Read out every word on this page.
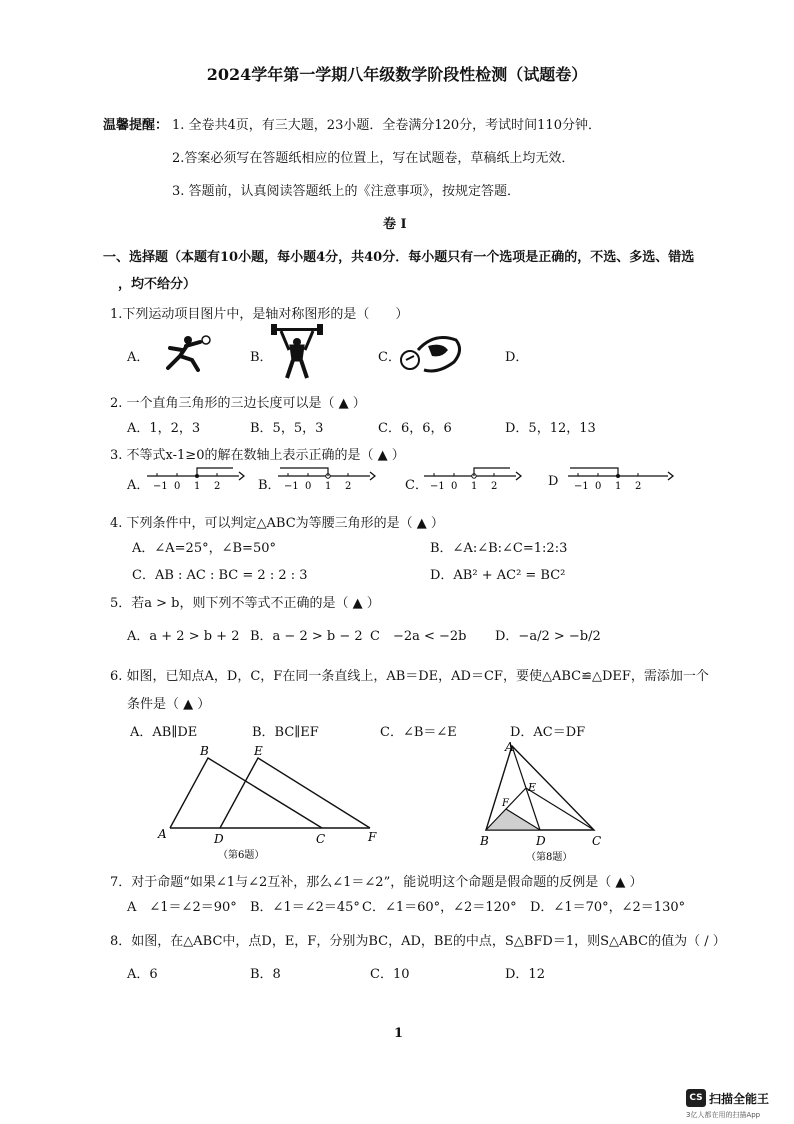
2024学年第一学期八年级数学阶段性检测（试题卷）
温馨提醒： 1. 全卷共4页，有三大题，23小题．全卷满分120分，考试时间110分钟．
2.答案必须写在答题纸相应的位置上，写在试题卷，草稿纸上均无效．
3. 答题前，认真阅读答题纸上的《注意事项》，按规定答题．
卷 I
一、选择题（本题有10小题，每小题4分，共40分．每小题只有一个选项是正确的，不选、多选、错选
，均不给分）
1.下列运动项目图片中，是轴对称图形的是（　　）
A．	B．	C．	D．
2. 一个直角三角形的三边长度可以是（ ▲ ）
A．1，2，3	B．5，5，3	C．6，6，6	D．5，12，13
3. 不等式x-1≥0的解在数轴上表示正确的是（ ▲ ）
A．	B．	C．	D
−1 0 1 2	−1 0 1 2	−1 0 1 2	−1 0 1 2
4. 下列条件中，可以判定△ABC为等腰三角形的是（ ▲ ）
A．∠A=25°，∠B=50°	B．∠A:∠B:∠C=1:2:3
C．AB : AC : BC = 2 : 2 : 3	D．AB² + AC² = BC²
5．若a > b，则下列不等式不正确的是（ ▲ ）
A．a + 2 > b + 2 B．a − 2 > b − 2 C　−2a < −2b D．−a/2 > −b/2
6. 如图，已知点A，D，C，F在同一条直线上，AB＝DE，AD＝CF，要使△ABC≌△DEF，需添加一个
条件是（ ▲ ）
A．AB∥DE	B．BC∥EF	C．∠B＝∠E	D．AC＝DF
A
B
D
E
C	F
（第6题）
A
E
F
B	D	C
（第8题）
7．对于命题“如果∠1与∠2互补，那么∠1＝∠2”，能说明这个命题是假命题的反例是（ ▲ ）
A　∠1＝∠2＝90° B．∠1＝∠2＝45° C．∠1＝60°，∠2＝120° D．∠1＝70°，∠2＝130°
8．如图，在△ABC中，点D，E，F，分别为BC，AD，BE的中点，S△BFD＝1，则S△ABC的值为（ / ）
A．6	B．8	C．10	D．12
1
CS 扫描全能王
3亿人都在用的扫描App
